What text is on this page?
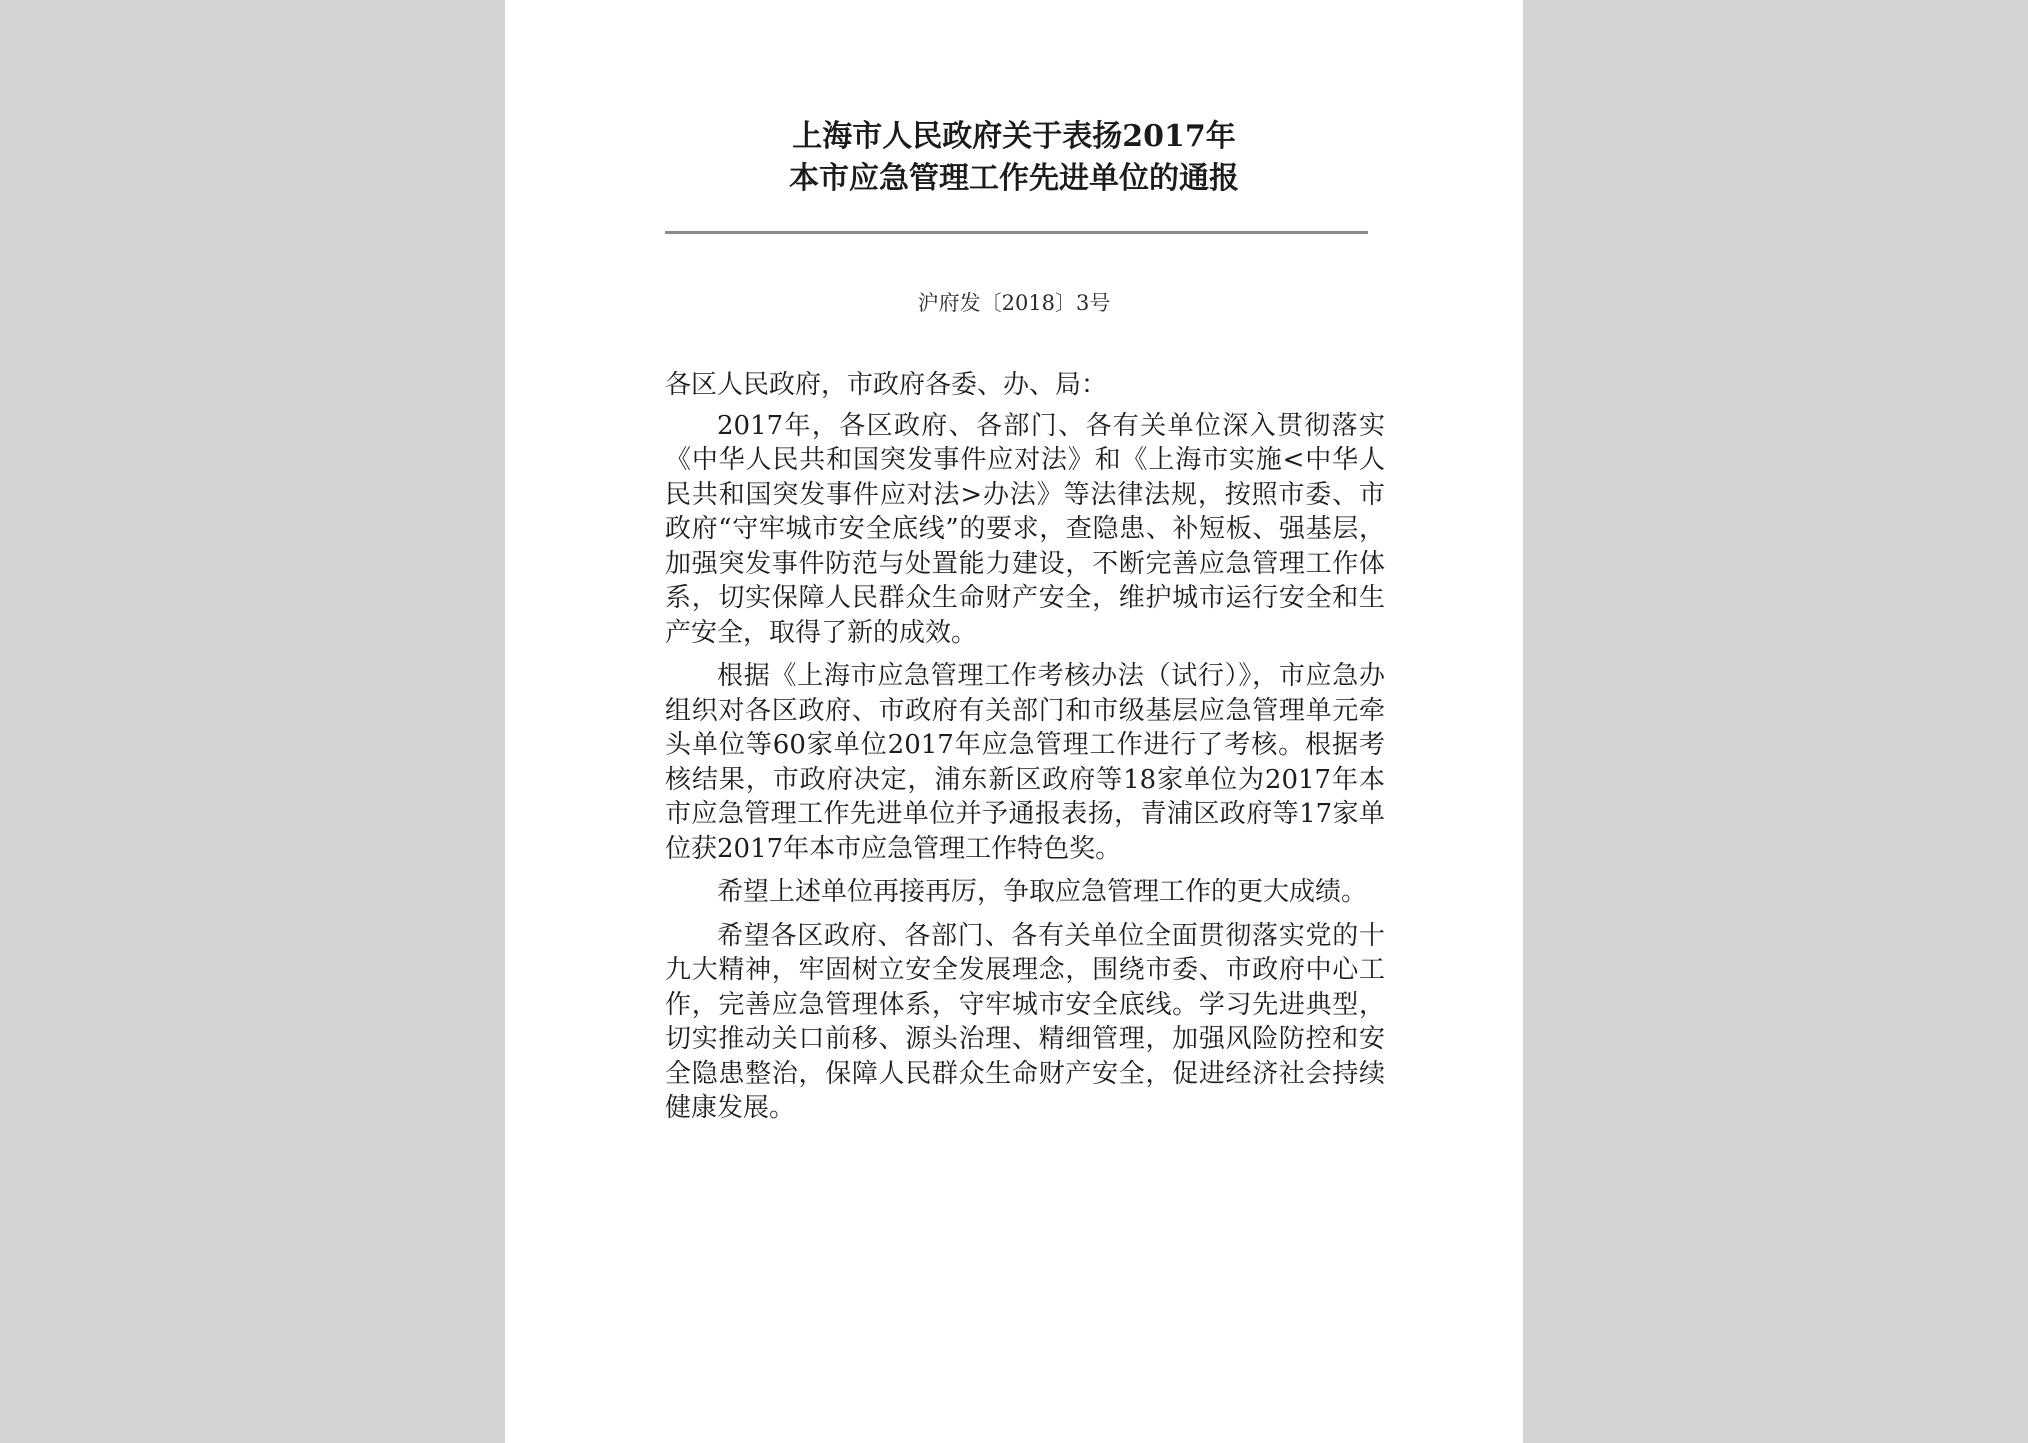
上海市人民政府关于表扬2017年
本市应急管理工作先进单位的通报
沪府发〔2018〕3号

各区人民政府，市政府各委、办、局：

2017年，各区政府、各部门、各有关单位深入贯彻落实《中华人民共和国突发事件应对法》和《上海市实施<中华人民共和国突发事件应对法>办法》等法律法规，按照市委、市政府“守牢城市安全底线”的要求，查隐患、补短板、强基层，加强突发事件防范与处置能力建设，不断完善应急管理工作体系，切实保障人民群众生命财产安全，维护城市运行安全和生产安全，取得了新的成效。

根据《上海市应急管理工作考核办法（试行）》，市应急办组织对各区政府、市政府有关部门和市级基层应急管理单元牵头单位等60家单位2017年应急管理工作进行了考核。根据考核结果，市政府决定，浦东新区政府等18家单位为2017年本市应急管理工作先进单位并予通报表扬，青浦区政府等17家单位获2017年本市应急管理工作特色奖。

希望上述单位再接再厉，争取应急管理工作的更大成绩。

希望各区政府、各部门、各有关单位全面贯彻落实党的十九大精神，牢固树立安全发展理念，围绕市委、市政府中心工作，完善应急管理体系，守牢城市安全底线。学习先进典型，切实推动关口前移、源头治理、精细管理，加强风险防控和安全隐患整治，保障人民群众生命财产安全，促进经济社会持续健康发展。
